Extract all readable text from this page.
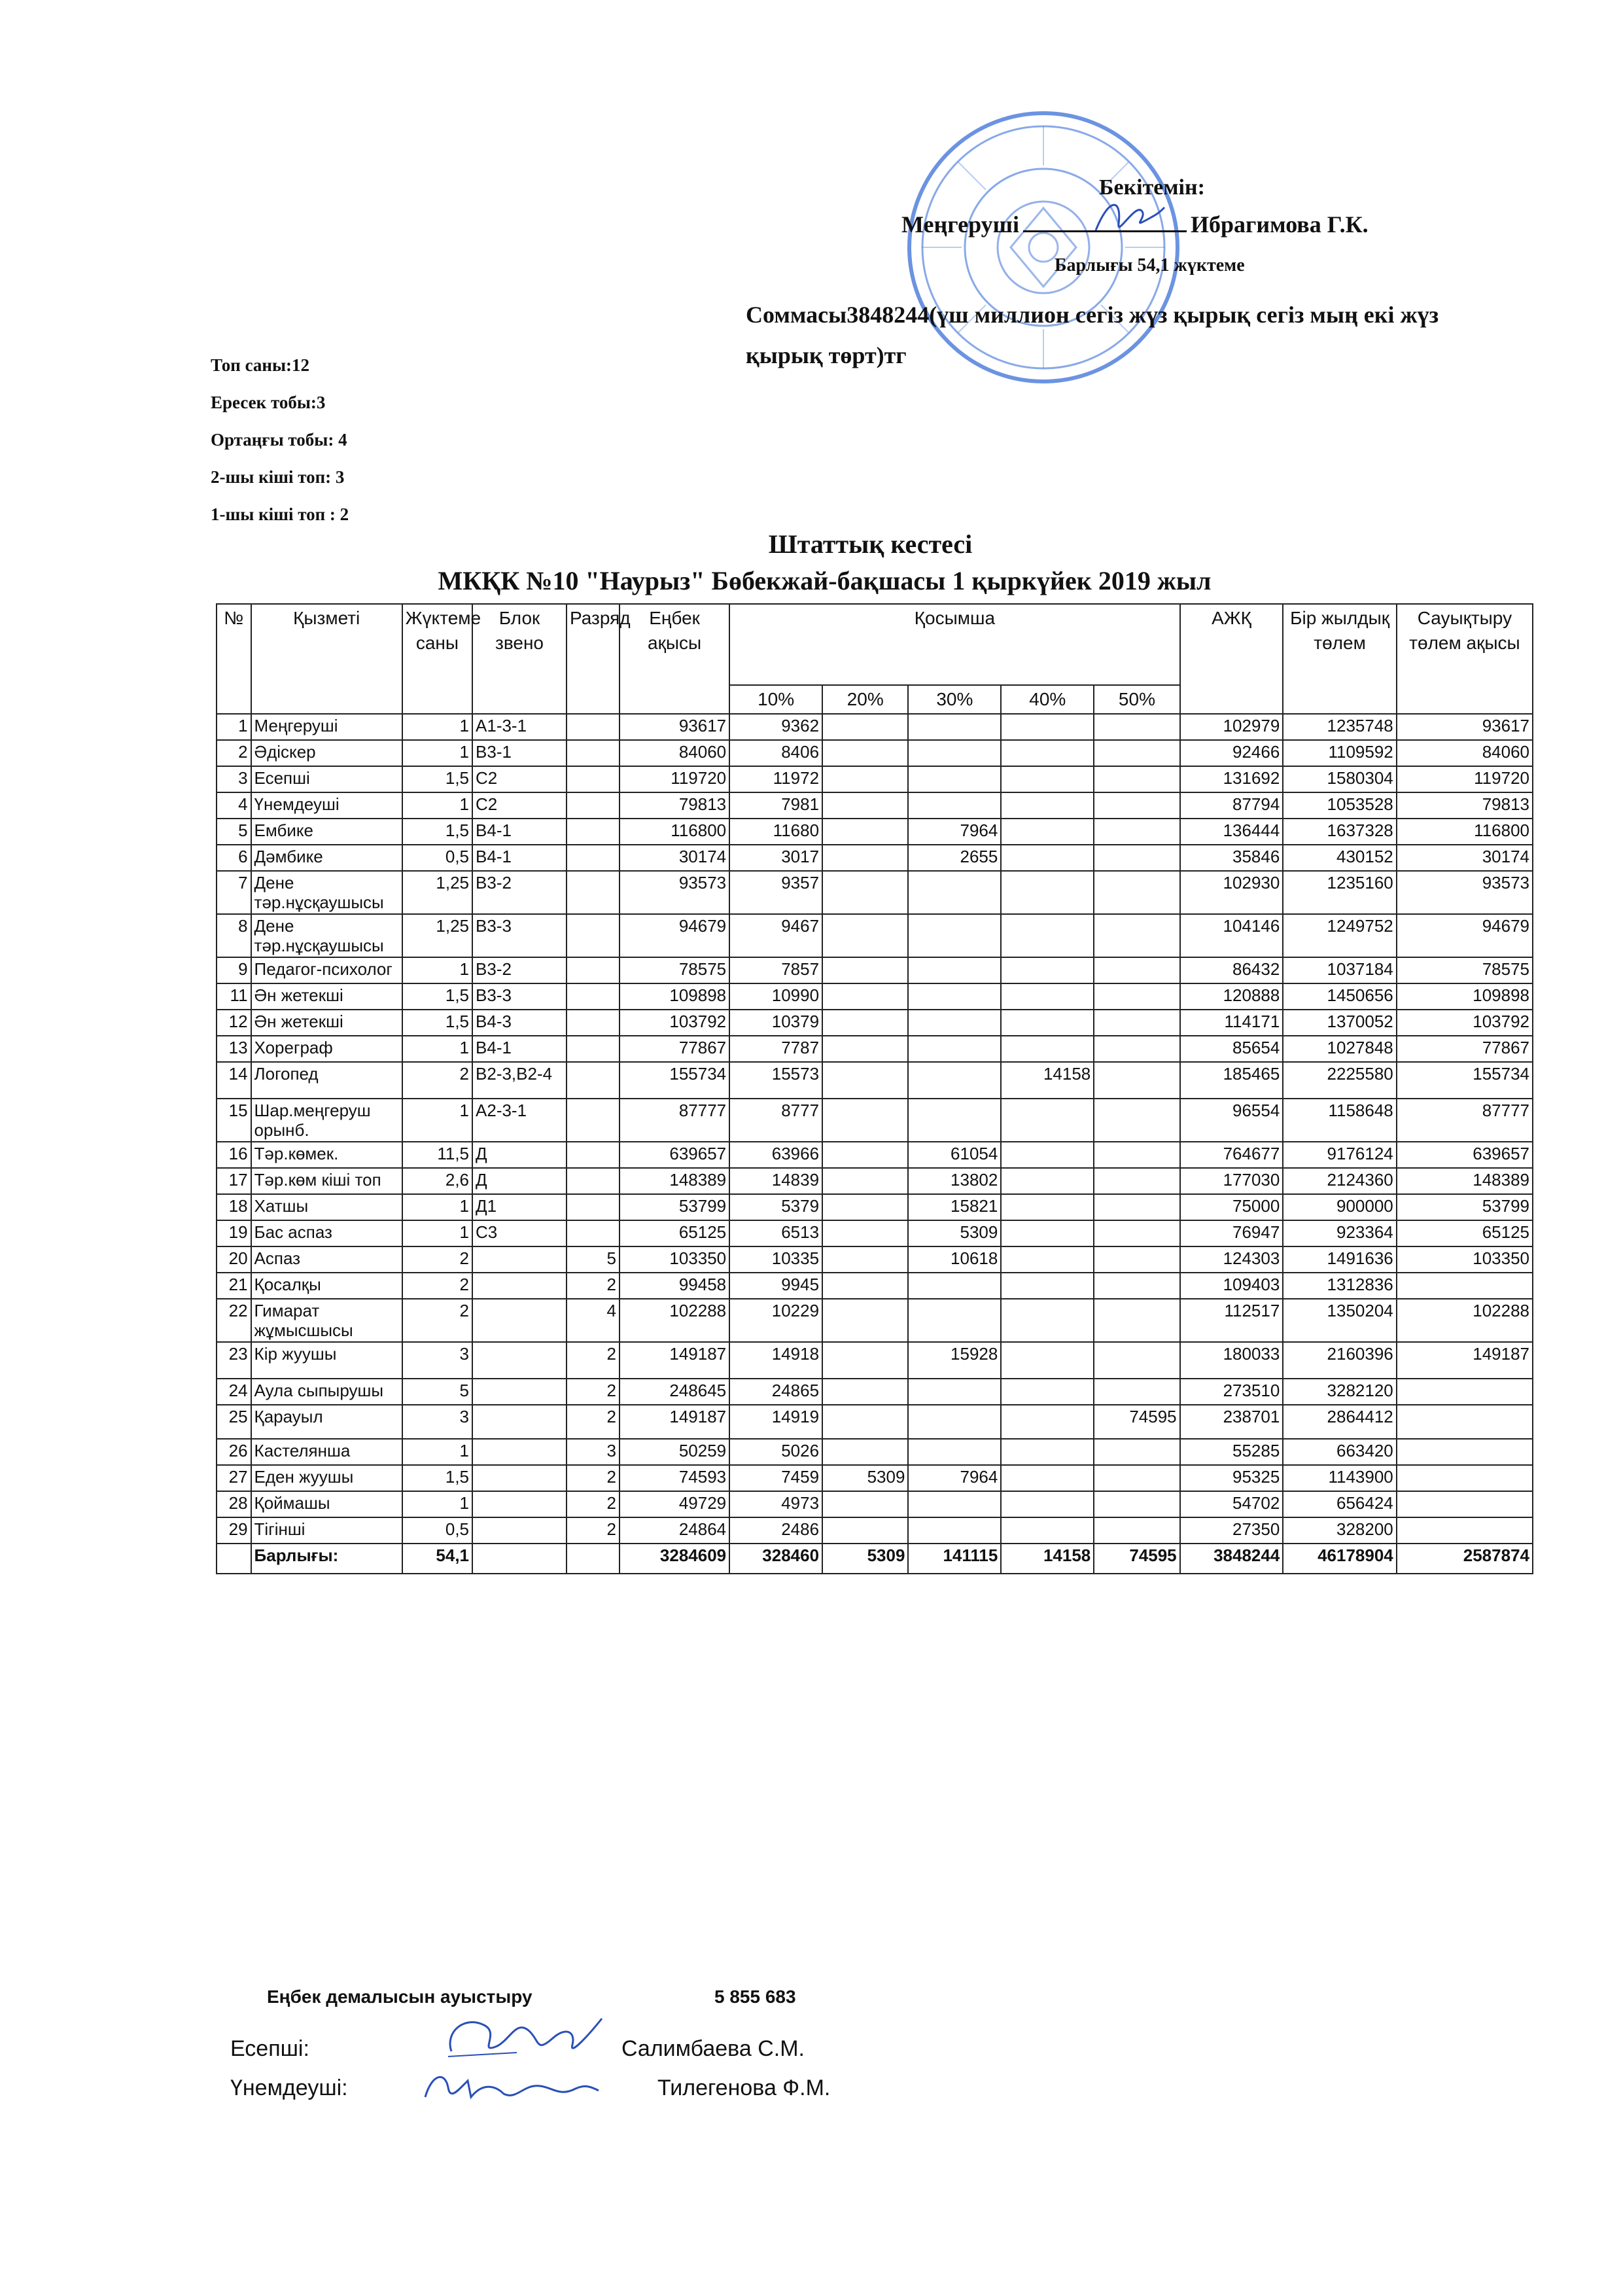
Бекітемін:
Меңгеруші	Ибрагимова Г.К.
Барлығы 54,1 жүктеме
Соммасы3848244(үш миллион сегіз жүз қырық сегіз мың екі жүз қырық төрт)тг
Топ саны:12
Ересек тобы:3
Ортаңғы тобы: 4
2-шы кіші топ: 3
1-шы кіші топ : 2
Штаттық кестесі
МКҚК №10 "Наурыз" Бөбекжай-бақшасы 1 қыркүйек 2019 жыл
№	Қызметі	Жүктеме саны	Блок звено	Разряд	Еңбек ақысы	Қосымша					АЖҚ	Бір жылдық төлем	Сауықтыру төлем ақысы
						10%	20%	30%	40%	50%			
1	Меңгеруші	1	А1-3-1		93617	9362					102979	1235748	93617
2	Әдіскер	1	В3-1		84060	8406					92466	1109592	84060
3	Есепші	1,5	С2		119720	11972					131692	1580304	119720
4	Үнемдеуші	1	С2		79813	7981					87794	1053528	79813
5	Ембике	1,5	В4-1		116800	11680		7964			136444	1637328	116800
6	Дәмбике	0,5	В4-1		30174	3017		2655			35846	430152	30174
7	Дене тәр.нұсқаушысы	1,25	В3-2		93573	9357					102930	1235160	93573
8	Дене тәр.нұсқаушысы	1,25	В3-3		94679	9467					104146	1249752	94679
9	Педагог-психолог	1	В3-2		78575	7857					86432	1037184	78575
11	Ән жетекші	1,5	В3-3		109898	10990					120888	1450656	109898
12	Ән жетекші	1,5	В4-3		103792	10379					114171	1370052	103792
13	Хореграф	1	В4-1		77867	7787					85654	1027848	77867
14	Логопед	2	В2-3,В2-4		155734	15573			14158		185465	2225580	155734
15	Шар.меңгеруш орынб.	1	А2-3-1		87777	8777					96554	1158648	87777
16	Тәр.көмек.	11,5	Д		639657	63966		61054			764677	9176124	639657
17	Тәр.көм кіші топ	2,6	Д		148389	14839		13802			177030	2124360	148389
18	Хатшы	1	Д1		53799	5379		15821			75000	900000	53799
19	Бас аспаз	1	С3		65125	6513		5309			76947	923364	65125
20	Аспаз	2		5	103350	10335		10618			124303	1491636	103350
21	Қосалқы	2		2	99458	9945					109403	1312836	
22	Гимарат жұмысшысы	2		4	102288	10229					112517	1350204	102288
23	Кір жуушы	3		2	149187	14918		15928			180033	2160396	149187
24	Аула сыпырушы	5		2	248645	24865					273510	3282120	
25	Қарауыл	3		2	149187	14919				74595	238701	2864412	
26	Кастелянша	1		3	50259	5026					55285	663420	
27	Еден жуушы	1,5		2	74593	7459	5309	7964			95325	1143900	
28	Қоймашы	1		2	49729	4973					54702	656424	
29	Тігінші	0,5		2	24864	2486					27350	328200	
	Барлығы:	54,1			3284609	328460	5309	141115	14158	74595	3848244	46178904	2587874
Еңбек демалысын ауыстыру	5 855 683
Есепші:	Салимбаева С.М.
Үнемдеуші:	Тилегенова Ф.М.
